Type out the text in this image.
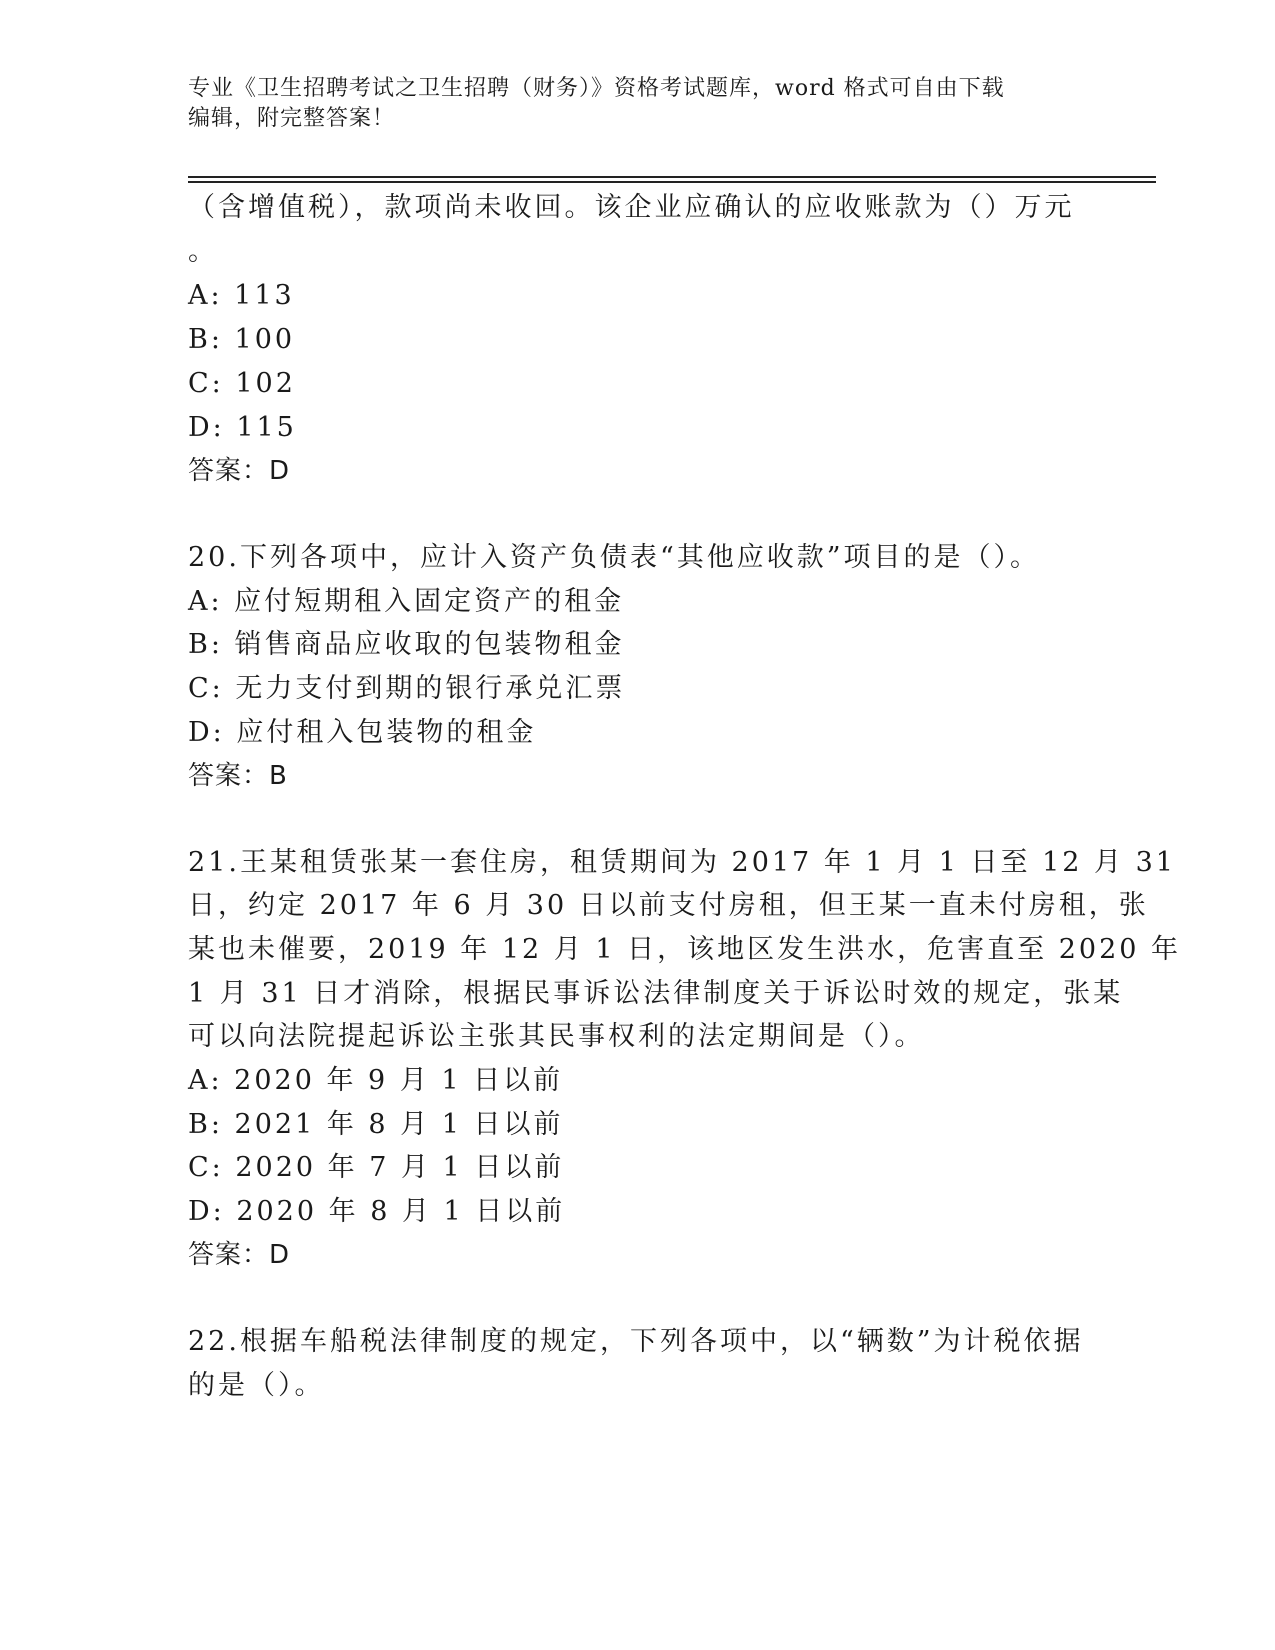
专业《卫生招聘考试之卫生招聘（财务）》资格考试题库，word 格式可自由下载
编辑，附完整答案！
（含增值税），款项尚未收回。该企业应确认的应收账款为（）万元
。
A: 113
B: 100
C: 102
D: 115
答案：D
20.下列各项中，应计入资产负债表“其他应收款”项目的是（）。
A: 应付短期租入固定资产的租金
B: 销售商品应收取的包装物租金
C: 无力支付到期的银行承兑汇票
D: 应付租入包装物的租金
答案：B
21.王某租赁张某一套住房，租赁期间为 2017 年 1 月 1 日至 12 月 31
日，约定 2017 年 6 月 30 日以前支付房租，但王某一直未付房租，张
某也未催要，2019 年 12 月 1 日，该地区发生洪水，危害直至 2020 年
1 月 31 日才消除，根据民事诉讼法律制度关于诉讼时效的规定，张某
可以向法院提起诉讼主张其民事权利的法定期间是（）。
A: 2020 年 9 月 1 日以前
B: 2021 年 8 月 1 日以前
C: 2020 年 7 月 1 日以前
D: 2020 年 8 月 1 日以前
答案：D
22.根据车船税法律制度的规定，下列各项中，以“辆数”为计税依据
的是（）。
